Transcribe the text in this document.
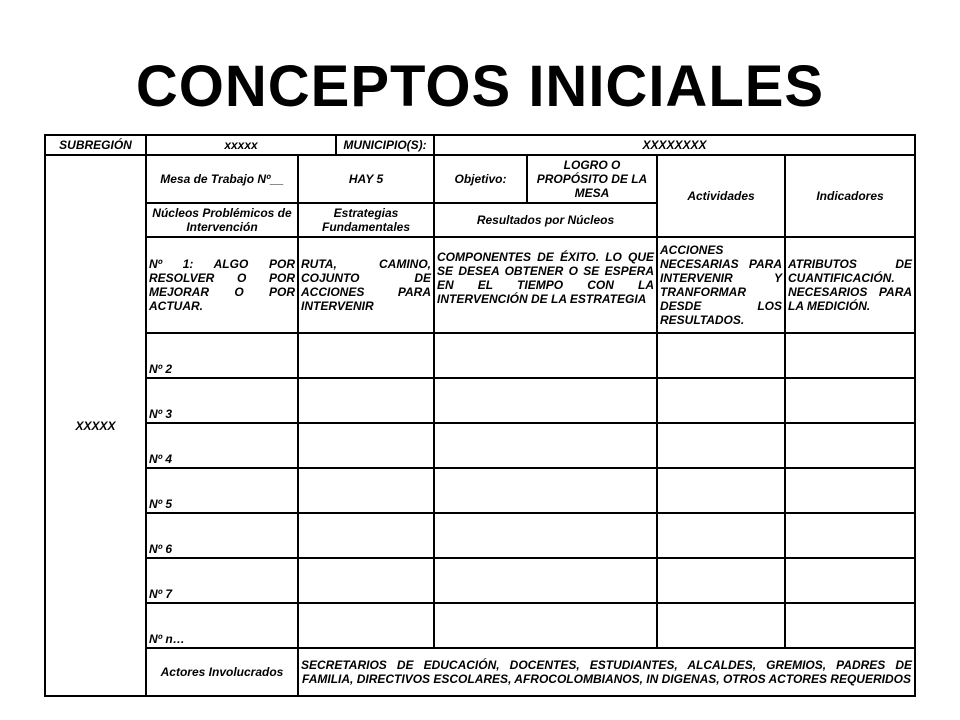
CONCEPTOS INICIALES
SUBREGIÓN	xxxxx		MUNICIPIO(S):	XXXXXXXX			
XXXXX	Mesa de Trabajo Nº__	HAY 5		Objetivo:	LOGRO O PROPÓSITO DE LA MESA	Actividades	Indicadores
	Núcleos Problémicos de Intervención	Estrategias Fundamentales		Resultados por Núcleos			
	Nº 1: ALGO POR RESOLVER O POR MEJORAR O POR ACTUAR.	RUTA, CAMINO, COJUNTO DE ACCIONES PARA INTERVENIR		COMPONENTES DE ÉXITO. LO QUE SE DESEA OBTENER O SE ESPERA EN EL TIEMPO CON LA INTERVENCIÓN DE LA ESTRATEGIA		ACCIONES NECESARIAS PARA INTERVENIR Y TRANFORMAR DESDE LOS RESULTADOS.	ATRIBUTOS DE CUANTIFICACIÓN. NECESARIOS PARA LA MEDICIÓN.
	Nº 2						
	Nº 3						
	Nº 4						
	Nº 5						
	Nº 6						
	Nº 7						
	Nº n…						
	Actores Involucrados	SECRETARIOS DE EDUCACIÓN, DOCENTES, ESTUDIANTES, ALCALDES, GREMIOS, PADRES DE FAMILIA, DIRECTIVOS ESCOLARES, AFROCOLOMBIANOS, IN DIGENAS, OTROS ACTORES REQUERIDOS					
